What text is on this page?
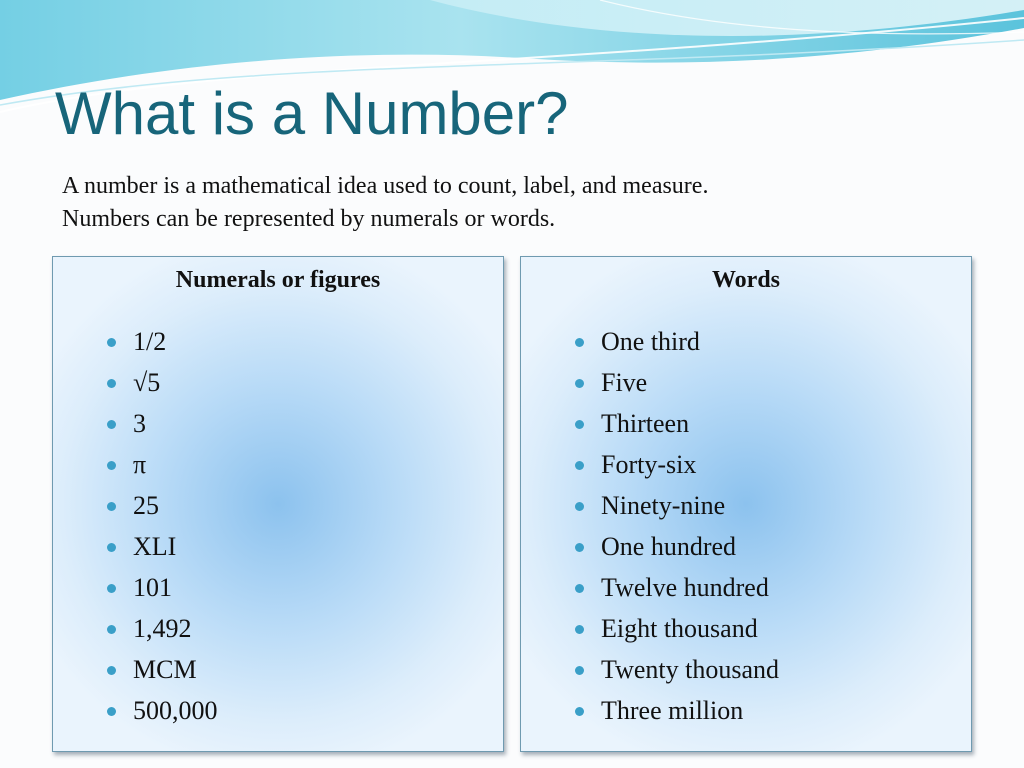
What is a Number?

A number is a mathematical idea used to count, label, and measure.

Numbers can be represented by numerals or words.

Numerals or figures
1/2
√5
3
π
25
XLI
101
1,492
MCM
500,000
Words
One third
Five
Thirteen
Forty-six
Ninety-nine
One hundred
Twelve hundred
Eight thousand
Twenty thousand
Three million
